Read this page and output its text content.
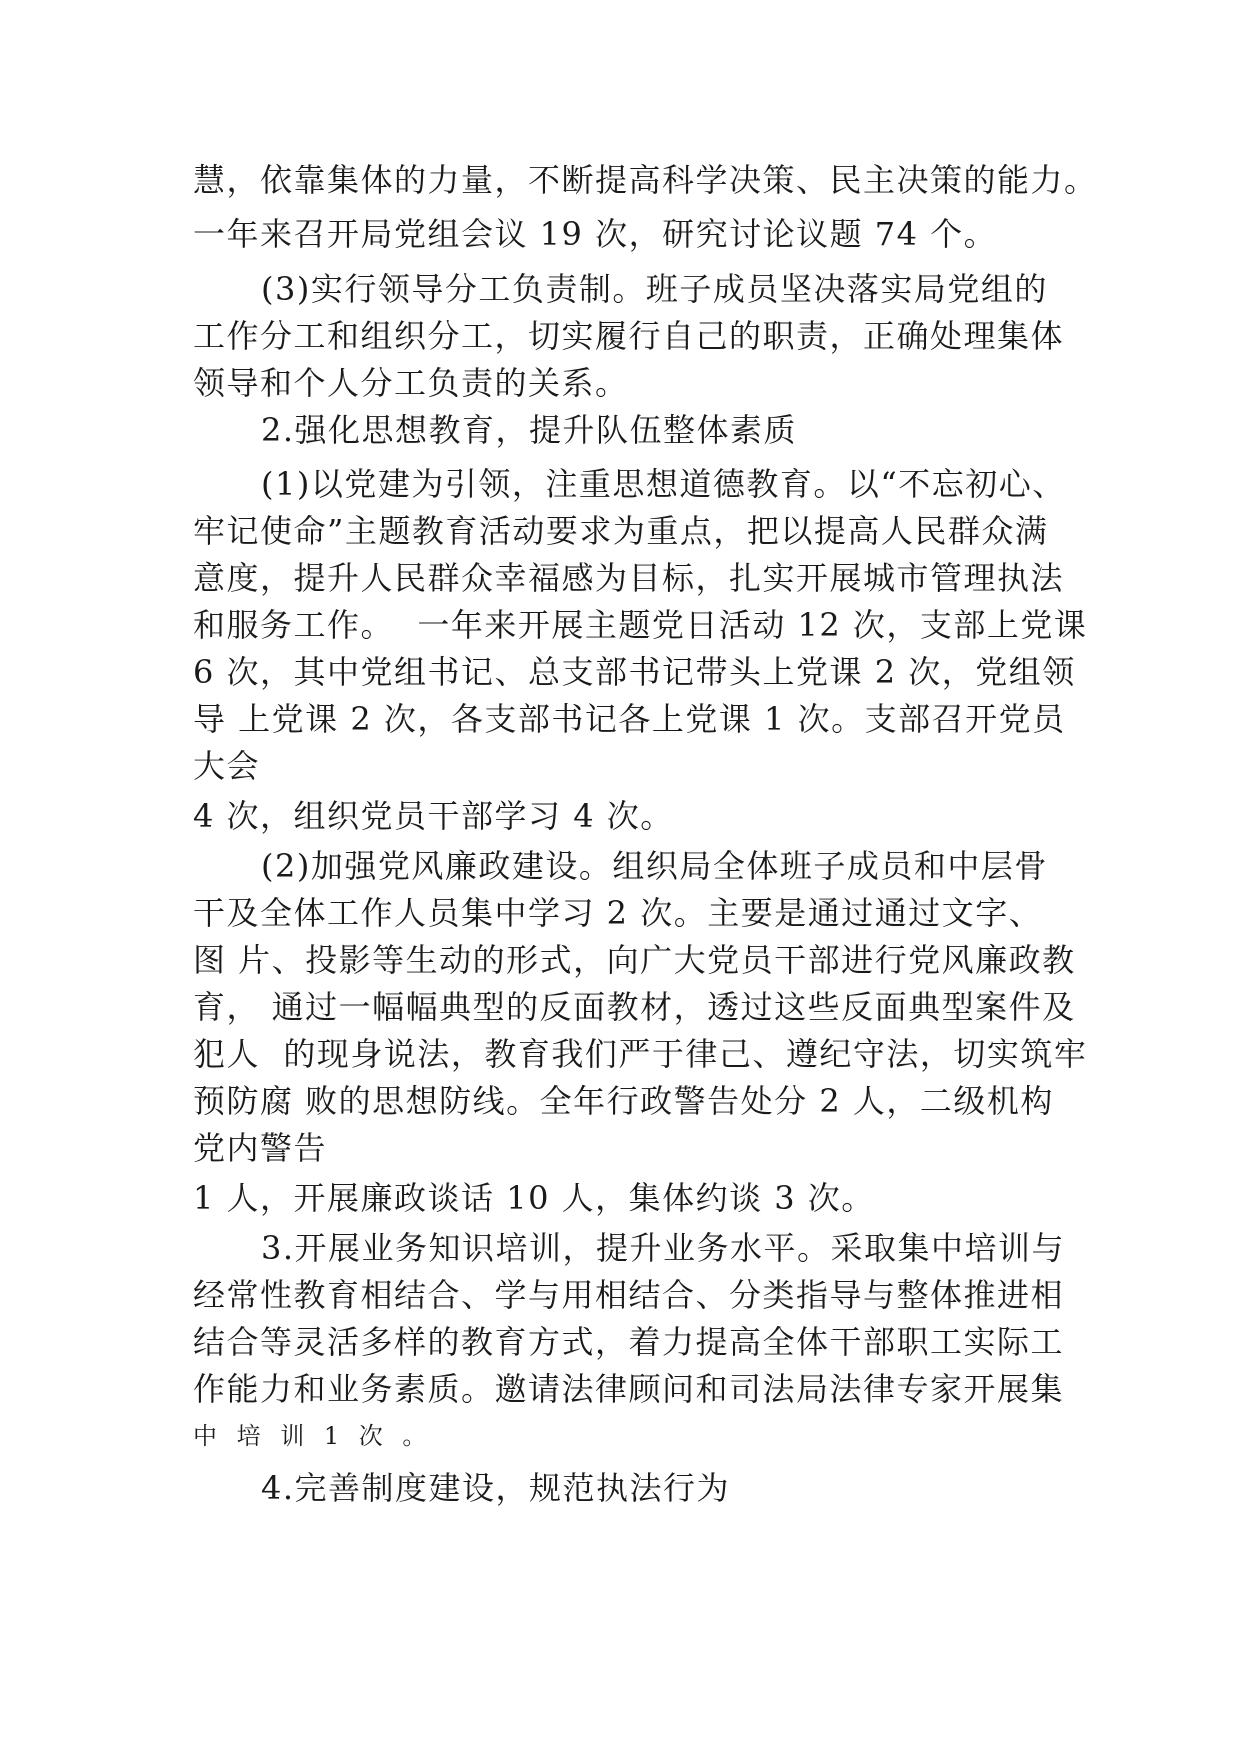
慧，依靠集体的力量，不断提高科学决策、民主决策的能力。
一年来召开局党组会议 19 次，研究讨论议题 74 个。
(3)实行领导分工负责制。班子成员坚决落实局党组的
工作分工和组织分工，切实履行自己的职责，正确处理集体
领导和个人分工负责的关系。
2.强化思想教育，提升队伍整体素质
(1)以党建为引领，注重思想道德教育。以“不忘初心、
牢记使命”主题教育活动要求为重点，把以提高人民群众满
意度，提升人民群众幸福感为目标，扎实开展城市管理执法
和服务工作。  一年来开展主题党日活动 12 次，支部上党课
6 次，其中党组书记、总支部书记带头上党课 2 次，党组领
导 上党课 2 次，各支部书记各上党课 1 次。支部召开党员
大会
4 次，组织党员干部学习 4 次。
(2)加强党风廉政建设。组织局全体班子成员和中层骨
干及全体工作人员集中学习 2 次。主要是通过通过文字、
图 片、投影等生动的形式，向广大党员干部进行党风廉政教
育， 通过一幅幅典型的反面教材，透过这些反面典型案件及
犯人  的现身说法，教育我们严于律己、遵纪守法，切实筑牢
预防腐 败的思想防线。全年行政警告处分 2 人，二级机构
党内警告
1 人，开展廉政谈话 10 人，集体约谈 3 次。
3.开展业务知识培训，提升业务水平。采取集中培训与
经常性教育相结合、学与用相结合、分类指导与整体推进相
结合等灵活多样的教育方式，着力提高全体干部职工实际工
作能力和业务素质。邀请法律顾问和司法局法律专家开展集
中 培 训 1 次 。
4.完善制度建设，规范执法行为
